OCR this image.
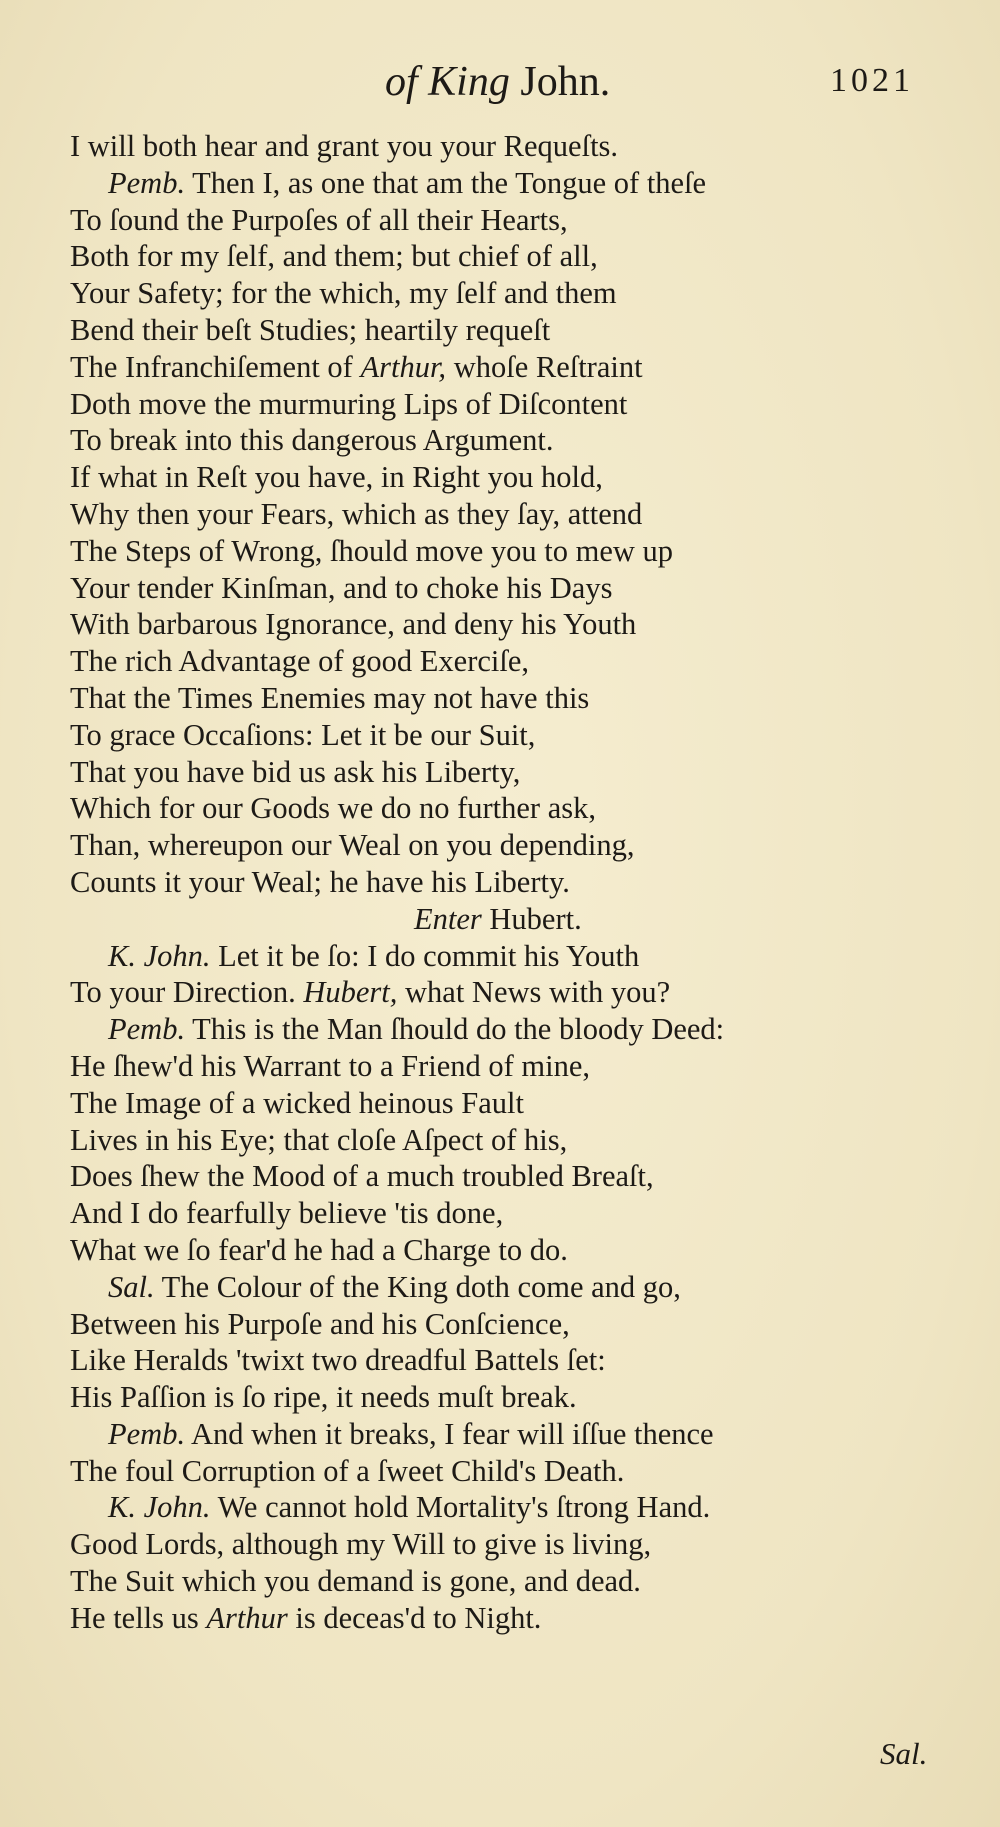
of King John.	1021
I will both hear and grant you your Requeſts.
Pemb. Then I, as one that am the Tongue of theſe
To ſound the Purpoſes of all their Hearts,
Both for my ſelf, and them; but chief of all,
Your Safety; for the which, my ſelf and them
Bend their beſt Studies; heartily requeſt
The Infranchiſement of Arthur, whoſe Reſtraint
Doth move the murmuring Lips of Diſcontent
To break into this dangerous Argument.
If what in Reſt you have, in Right you hold,
Why then your Fears, which as they ſay, attend
The Steps of Wrong, ſhould move you to mew up
Your tender Kinſman, and to choke his Days
With barbarous Ignorance, and deny his Youth
The rich Advantage of good Exerciſe,
That the Times Enemies may not have this
To grace Occaſions: Let it be our Suit,
That you have bid us ask his Liberty,
Which for our Goods we do no further ask,
Than, whereupon our Weal on you depending,
Counts it your Weal; he have his Liberty.
Enter Hubert.
K. John. Let it be ſo: I do commit his Youth
To your Direction. Hubert, what News with you?
Pemb. This is the Man ſhould do the bloody Deed:
He ſhew'd his Warrant to a Friend of mine,
The Image of a wicked heinous Fault
Lives in his Eye; that cloſe Aſpect of his,
Does ſhew the Mood of a much troubled Breaſt,
And I do fearfully believe 'tis done,
What we ſo fear'd he had a Charge to do.
Sal. The Colour of the King doth come and go,
Between his Purpoſe and his Conſcience,
Like Heralds 'twixt two dreadful Battels ſet:
His Paſſion is ſo ripe, it needs muſt break.
Pemb. And when it breaks, I fear will iſſue thence
The foul Corruption of a ſweet Child's Death.
K. John. We cannot hold Mortality's ſtrong Hand.
Good Lords, although my Will to give is living,
The Suit which you demand is gone, and dead.
He tells us Arthur is deceas'd to Night.
Sal.
